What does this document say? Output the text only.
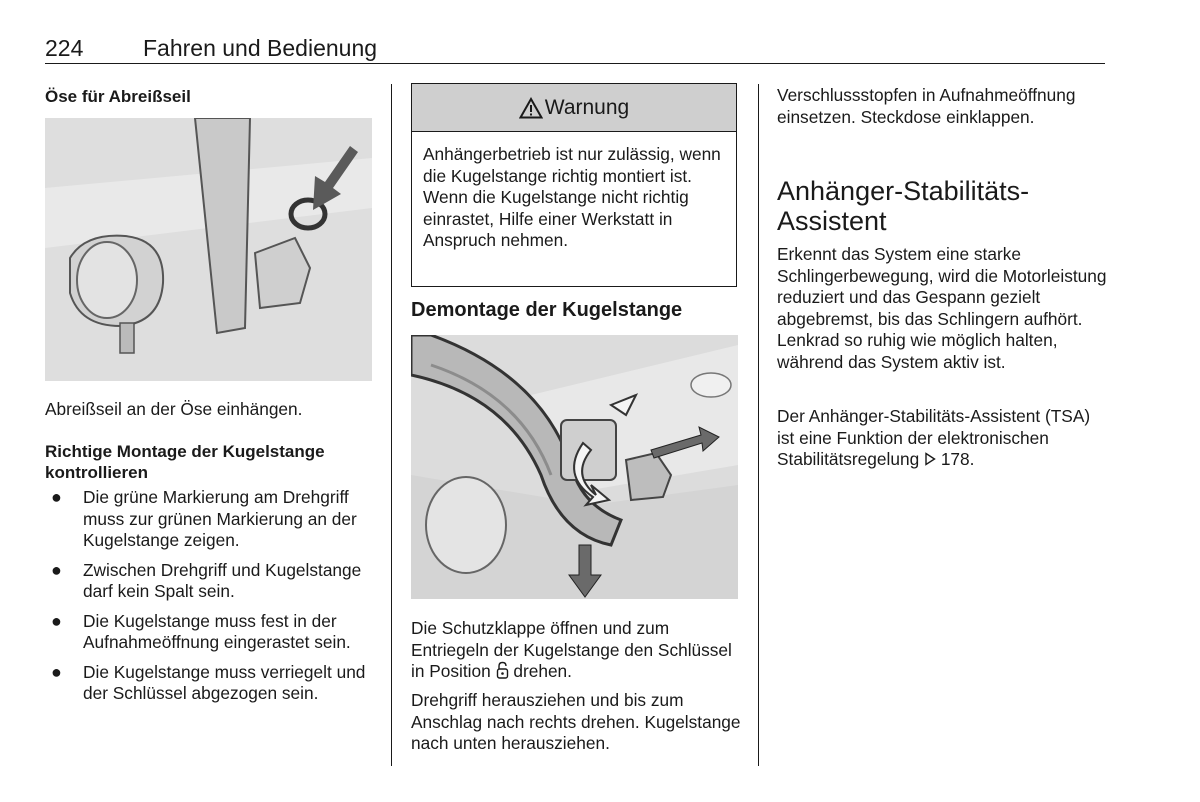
224	Fahren und Bedienung
Öse für Abreißseil
Abreißseil an der Öse einhängen.
Richtige Montage der Kugelstange kontrollieren
● Die grüne Markierung am Drehgriff muss zur grünen Markierung an der Kugelstange zeigen.
● Zwischen Drehgriff und Kugelstange darf kein Spalt sein.
● Die Kugelstange muss fest in der Aufnahmeöffnung eingerastet sein.
● Die Kugelstange muss verriegelt und der Schlüssel abgezogen sein.
Warnung
Anhängerbetrieb ist nur zulässig, wenn die Kugelstange richtig montiert ist. Wenn die Kugelstange nicht richtig einrastet, Hilfe einer Werkstatt in Anspruch nehmen.
Demontage der Kugelstange
Die Schutzklappe öffnen und zum Entriegeln der Kugelstange den Schlüssel in Position drehen.
Drehgriff herausziehen und bis zum Anschlag nach rechts drehen. Kugelstange nach unten herausziehen.
Verschlussstopfen in Aufnahmeöffnung einsetzen. Steckdose einklappen.
Anhänger-Stabilitäts-Assistent
Erkennt das System eine starke Schlingerbewegung, wird die Motorleistung reduziert und das Gespann gezielt abgebremst, bis das Schlingern aufhört. Lenkrad so ruhig wie möglich halten, während das System aktiv ist.
Der Anhänger-Stabilitäts-Assistent (TSA) ist eine Funktion der elektronischen Stabilitätsregelung 178.
